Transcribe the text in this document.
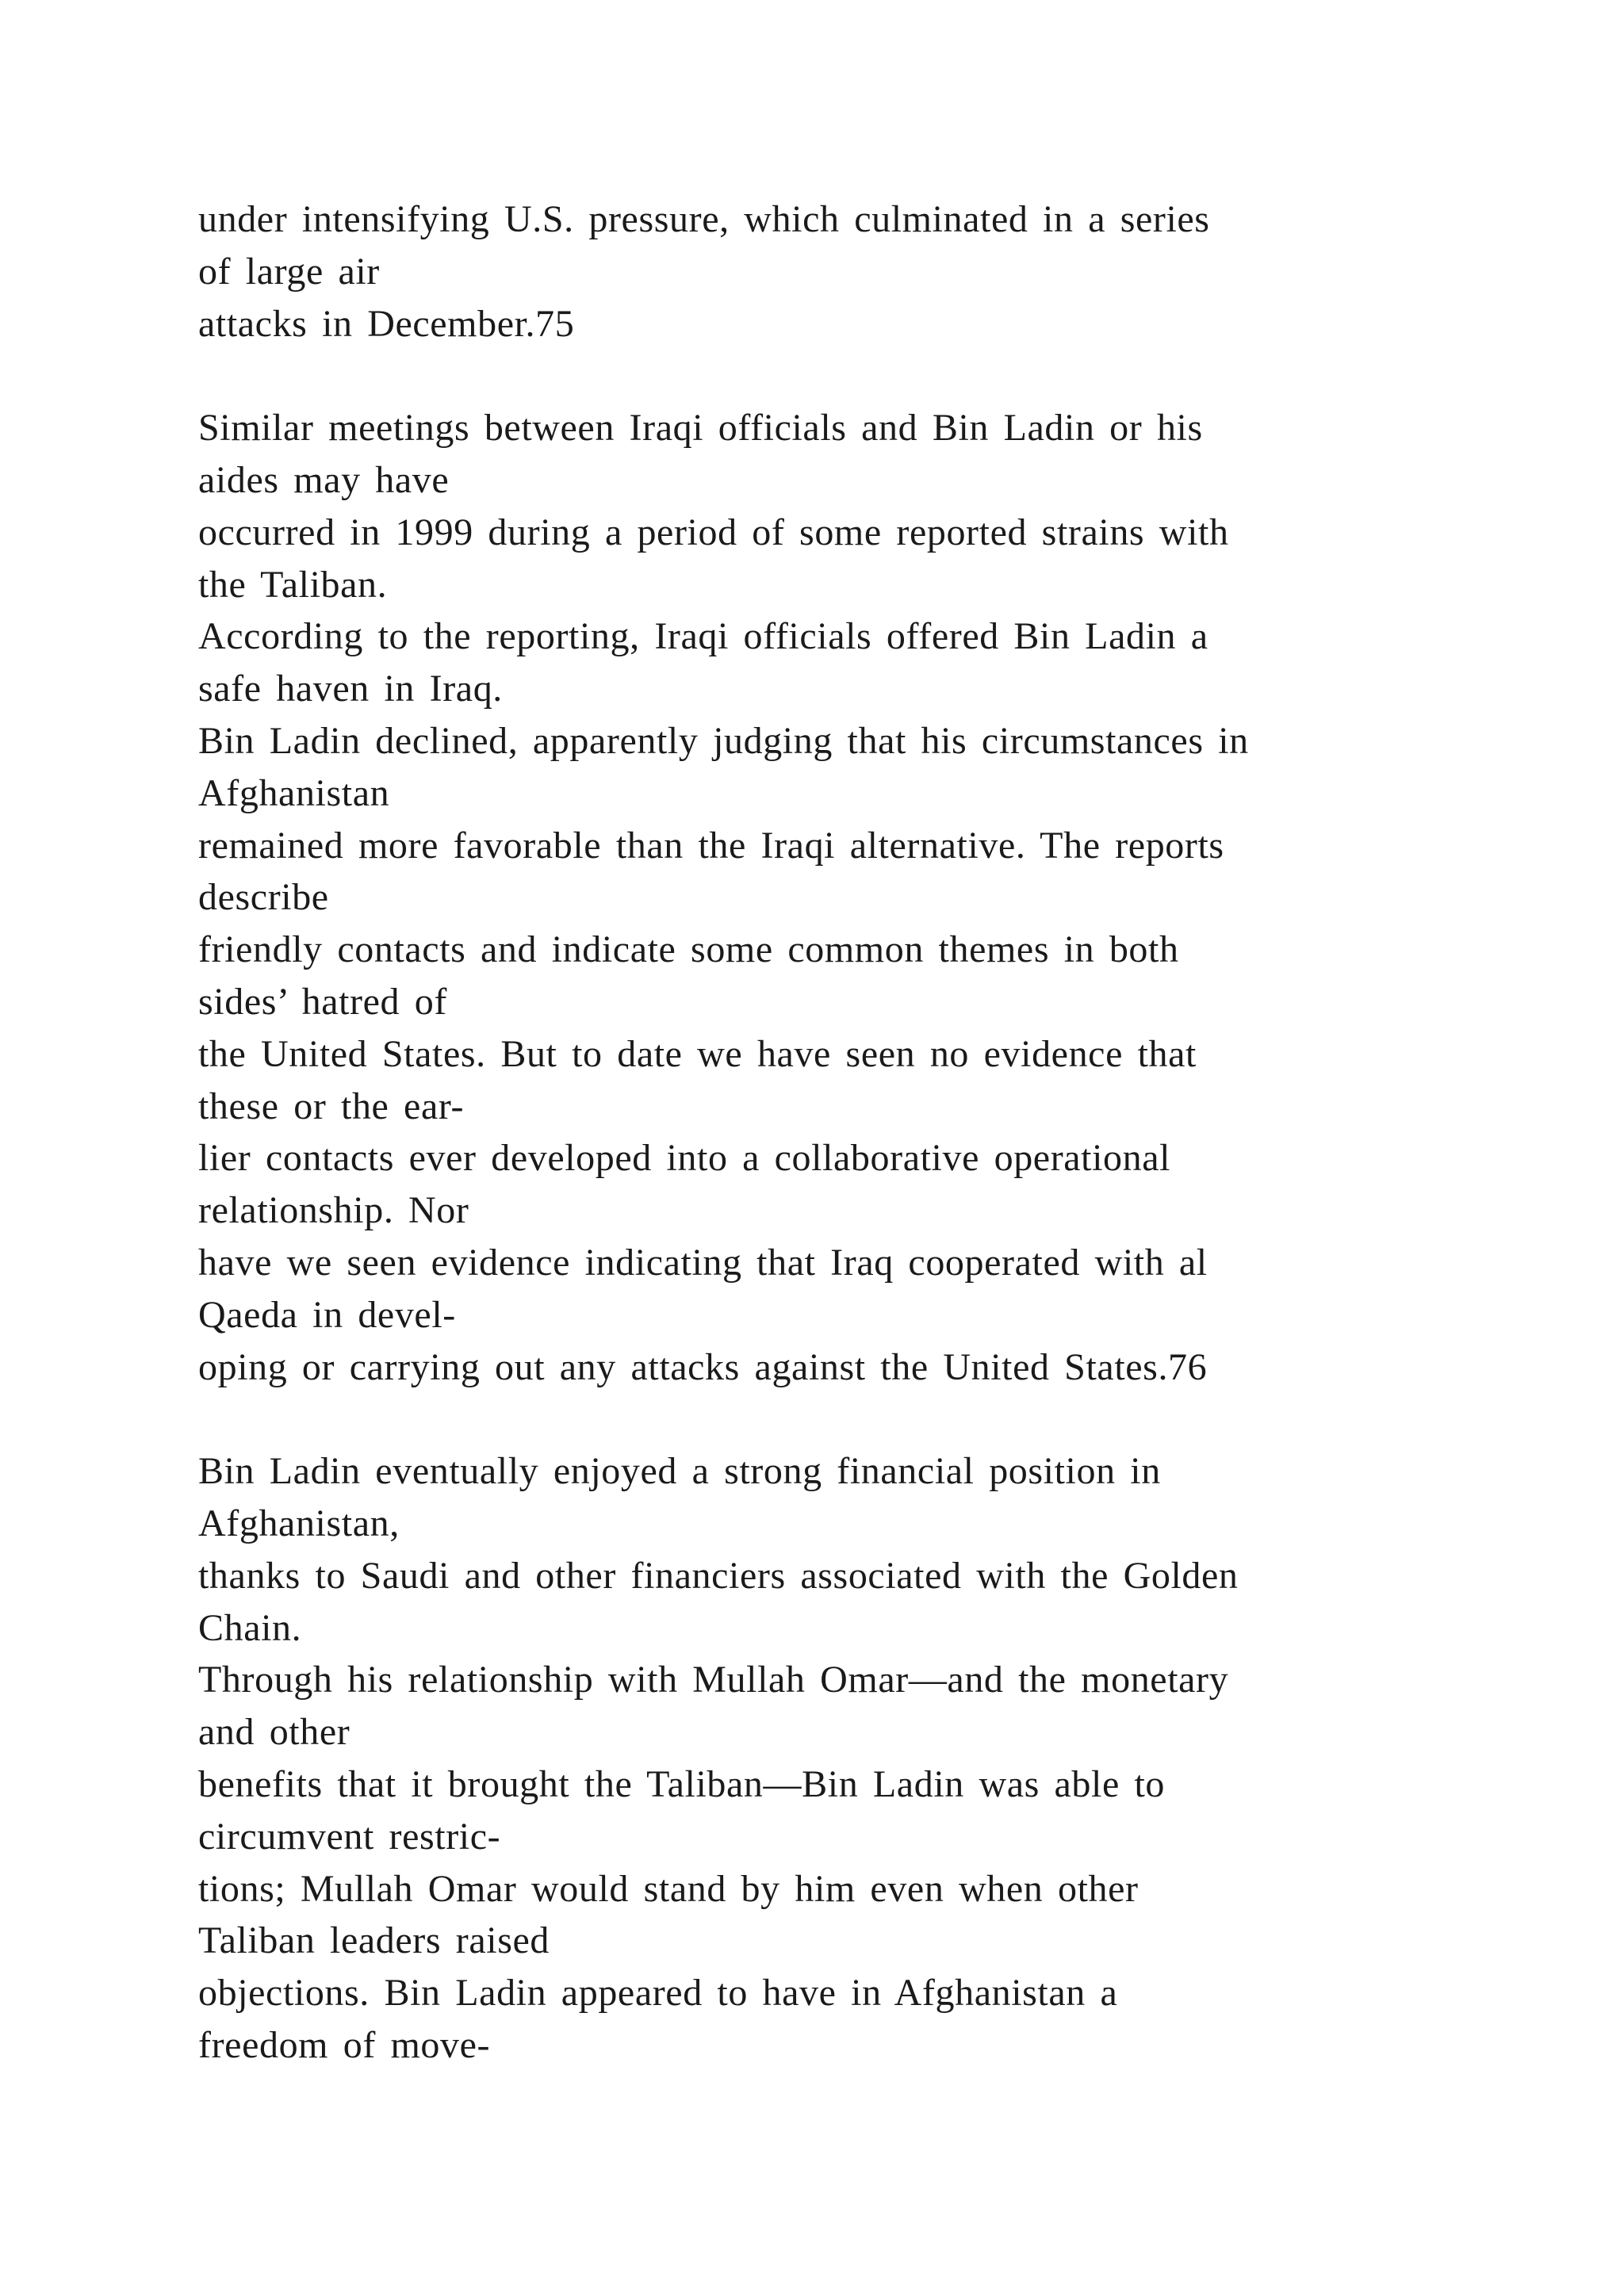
under intensifying U.S. pressure, which culminated in a series
of large air
attacks in December.75
Similar meetings between Iraqi officials and Bin Ladin or his
aides may have
occurred in 1999 during a period of some reported strains with
the Taliban.
According to the reporting, Iraqi officials offered Bin Ladin a
safe haven in Iraq.
Bin Ladin declined, apparently judging that his circumstances in
Afghanistan
remained more favorable than the Iraqi alternative. The reports
describe
friendly contacts and indicate some common themes in both
sides’ hatred of
the United States. But to date we have seen no evidence that
these or the ear-
lier contacts ever developed into a collaborative operational
relationship. Nor
have we seen evidence indicating that Iraq cooperated with al
Qaeda in devel-
oping or carrying out any attacks against the United States.76
Bin Ladin eventually enjoyed a strong financial position in
Afghanistan,
thanks to Saudi and other financiers associated with the Golden
Chain.
Through his relationship with Mullah Omar—and the monetary
and other
benefits that it brought the Taliban—Bin Ladin was able to
circumvent restric-
tions; Mullah Omar would stand by him even when other
Taliban leaders raised
objections. Bin Ladin appeared to have in Afghanistan a
freedom of move-
